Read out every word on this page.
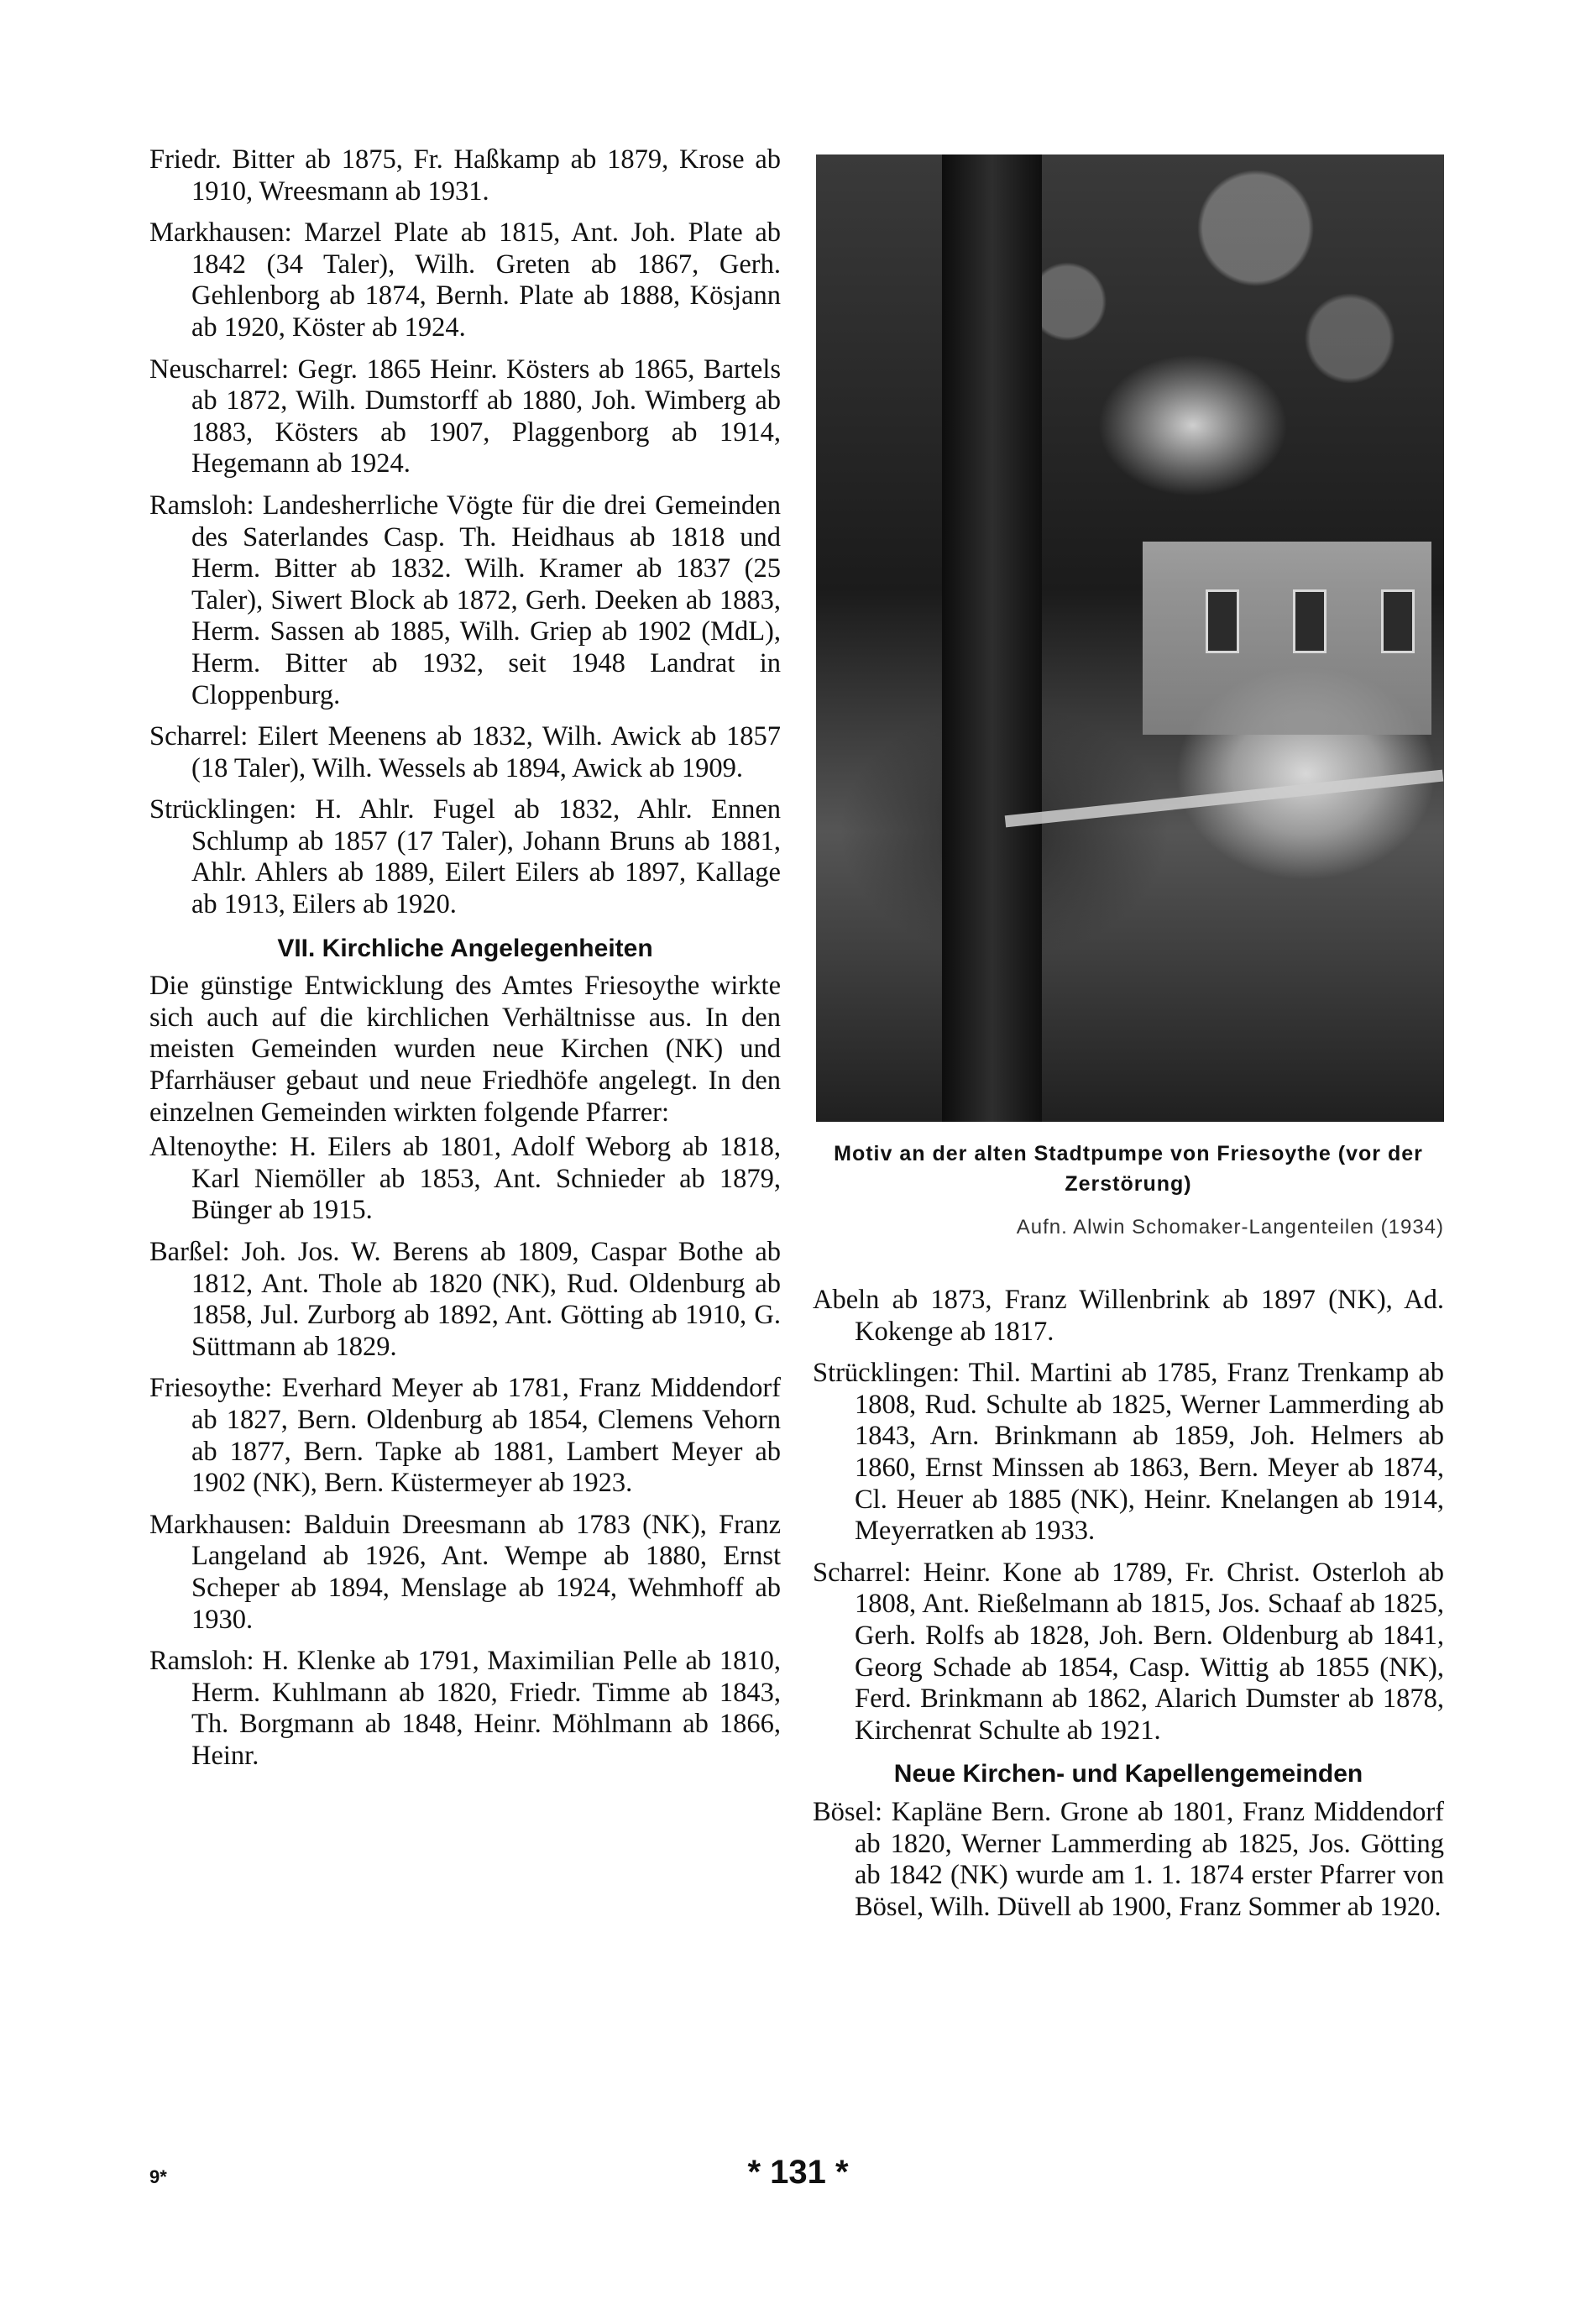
Friedr. Bitter ab 1875, Fr. Haßkamp ab 1879, Krose ab 1910, Wreesmann ab 1931.

Markhausen: Marzel Plate ab 1815, Ant. Joh. Plate ab 1842 (34 Taler), Wilh. Greten ab 1867, Gerh. Gehlenborg ab 1874, Bernh. Plate ab 1888, Kösjann ab 1920, Köster ab 1924.

Neuscharrel: Gegr. 1865 Heinr. Kösters ab 1865, Bartels ab 1872, Wilh. Dumstorff ab 1880, Joh. Wimberg ab 1883, Kösters ab 1907, Plaggenborg ab 1914, Hegemann ab 1924.

Ramsloh: Landesherrliche Vögte für die drei Gemeinden des Saterlandes Casp. Th. Heidhaus ab 1818 und Herm. Bitter ab 1832. Wilh. Kramer ab 1837 (25 Taler), Siwert Block ab 1872, Gerh. Deeken ab 1883, Herm. Sassen ab 1885, Wilh. Griep ab 1902 (MdL), Herm. Bitter ab 1932, seit 1948 Landrat in Cloppenburg.

Scharrel: Eilert Meenens ab 1832, Wilh. Awick ab 1857 (18 Taler), Wilh. Wessels ab 1894, Awick ab 1909.

Strücklingen: H. Ahlr. Fugel ab 1832, Ahlr. Ennen Schlump ab 1857 (17 Taler), Johann Bruns ab 1881, Ahlr. Ahlers ab 1889, Eilert Eilers ab 1897, Kallage ab 1913, Eilers ab 1920.

VII. Kirchliche Angelegenheiten

Die günstige Entwicklung des Amtes Friesoythe wirkte sich auch auf die kirchlichen Verhältnisse aus. In den meisten Gemeinden wurden neue Kirchen (NK) und Pfarrhäuser gebaut und neue Friedhöfe angelegt. In den einzelnen Gemeinden wirkten folgende Pfarrer:

Altenoythe: H. Eilers ab 1801, Adolf Weborg ab 1818, Karl Niemöller ab 1853, Ant. Schnieder ab 1879, Bünger ab 1915.

Barßel: Joh. Jos. W. Berens ab 1809, Caspar Bothe ab 1812, Ant. Thole ab 1820 (NK), Rud. Oldenburg ab 1858, Jul. Zurborg ab 1892, Ant. Götting ab 1910, G. Süttmann ab 1829.

Friesoythe: Everhard Meyer ab 1781, Franz Middendorf ab 1827, Bern. Oldenburg ab 1854, Clemens Vehorn ab 1877, Bern. Tapke ab 1881, Lambert Meyer ab 1902 (NK), Bern. Küstermeyer ab 1923.

Markhausen: Balduin Dreesmann ab 1783 (NK), Franz Langeland ab 1926, Ant. Wempe ab 1880, Ernst Scheper ab 1894, Menslage ab 1924, Wehmhoff ab 1930.

Ramsloh: H. Klenke ab 1791, Maximilian Pelle ab 1810, Herm. Kuhlmann ab 1820, Friedr. Timme ab 1843, Th. Borgmann ab 1848, Heinr. Möhlmann ab 1866, Heinr.

Motiv an der alten Stadtpumpe von Friesoythe (vor der Zerstörung)
Aufn. Alwin Schomaker-Langenteilen (1934)

Abeln ab 1873, Franz Willenbrink ab 1897 (NK), Ad. Kokenge ab 1817.

Strücklingen: Thil. Martini ab 1785, Franz Trenkamp ab 1808, Rud. Schulte ab 1825, Werner Lammerding ab 1843, Arn. Brinkmann ab 1859, Joh. Helmers ab 1860, Ernst Minssen ab 1863, Bern. Meyer ab 1874, Cl. Heuer ab 1885 (NK), Heinr. Knelangen ab 1914, Meyerratken ab 1933.

Scharrel: Heinr. Kone ab 1789, Fr. Christ. Osterloh ab 1808, Ant. Rießelmann ab 1815, Jos. Schaaf ab 1825, Gerh. Rolfs ab 1828, Joh. Bern. Oldenburg ab 1841, Georg Schade ab 1854, Casp. Wittig ab 1855 (NK), Ferd. Brinkmann ab 1862, Alarich Dumster ab 1878, Kirchenrat Schulte ab 1921.

Neue Kirchen- und Kapellengemeinden

Bösel: Kapläne Bern. Grone ab 1801, Franz Middendorf ab 1820, Werner Lammerding ab 1825, Jos. Götting ab 1842 (NK) wurde am 1. 1. 1874 erster Pfarrer von Bösel, Wilh. Düvell ab 1900, Franz Sommer ab 1920.

9*	* 131 *
